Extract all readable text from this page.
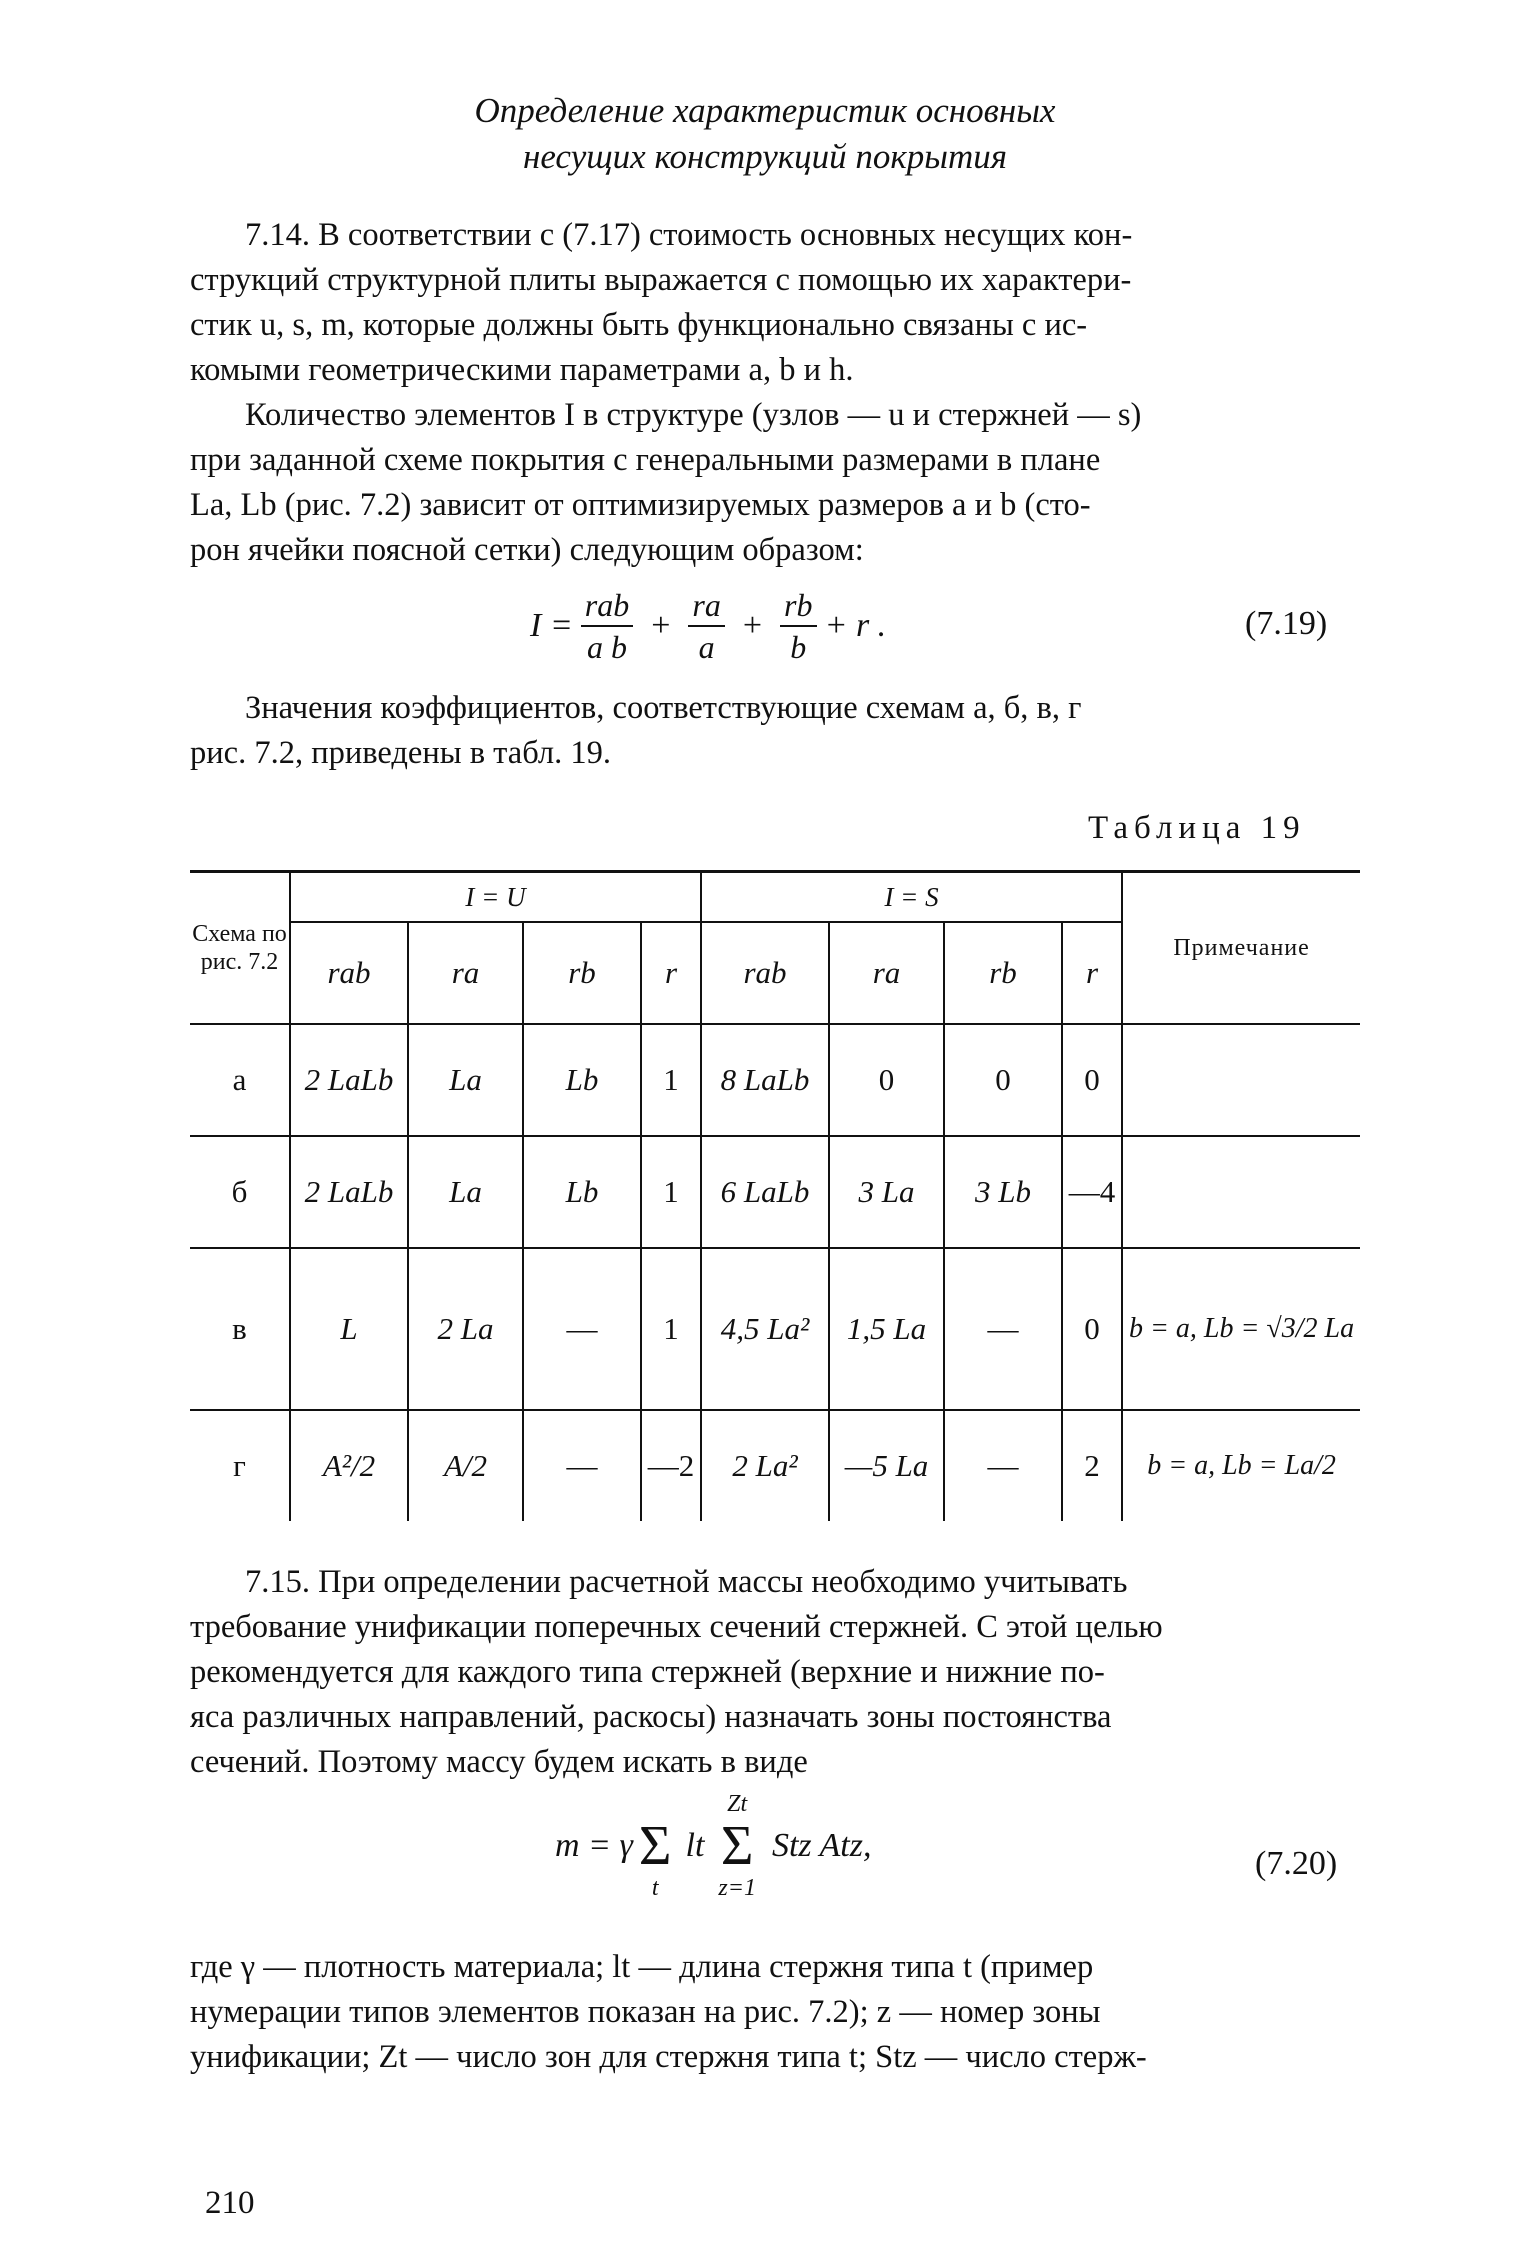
Определение характеристик основных
несущих конструкций покрытия
7.14. В соответствии с (7.17) стоимость основных несущих кон-
струкций структурной плиты выражается с помощью их характери-
стик u, s, m, которые должны быть функционально связаны с ис-
комыми геометрическими параметрами a, b и h.
Количество элементов I в структуре (узлов — u и стержней — s)
при заданной схеме покрытия с генеральными размерами в плане
La, Lb (рис. 7.2) зависит от оптимизируемых размеров a и b (сто-
рон ячейки поясной сетки) следующим образом:
$I = \frac{\text{rab}}{\text{a b}} + \frac{ra}{a} + \frac{rb}{b} + r$ .	(7.19)
Значения коэффициентов, соответствующие схемам а, б, в, г
рис. 7.2, приведены в табл. 19.
Таблица 19
Схема по рис. 7.2	I = U				I = S				Примечание
	rab	ra	rb	r	rab	ra	rb	r	
а	2 LaLb	La	Lb	1	8 LaLb	0	0	0	
б	2 LaLb	La	Lb	1	6 LaLb	3 La	3 Lb	—4	
в	L	2 La	—	1	4,5 La²	1,5 La	—	0	b = a, Lb = √3/2 La
г	A²/2	A/2	—	—2	2 La²	—5 La	—	2	b = a, Lb = La/2
7.15. При определении расчетной массы необходимо учитывать
требование унификации поперечных сечений стержней. С этой целью
рекомендуется для каждого типа стержней (верхние и нижние по-
яса различных направлений, раскосы) назначать зоны постоянства
сечений. Поэтому массу будем искать в виде
m = γ
Σ
t
lt
Zt
Σ
z=1
Stz Atz,	(7.20)
где γ — плотность материала; lt — длина стержня типа t (пример
нумерации типов элементов показан на рис. 7.2); z — номер зоны
унификации; Zt — число зон для стержня типа t; Stz — число стерж-
210
